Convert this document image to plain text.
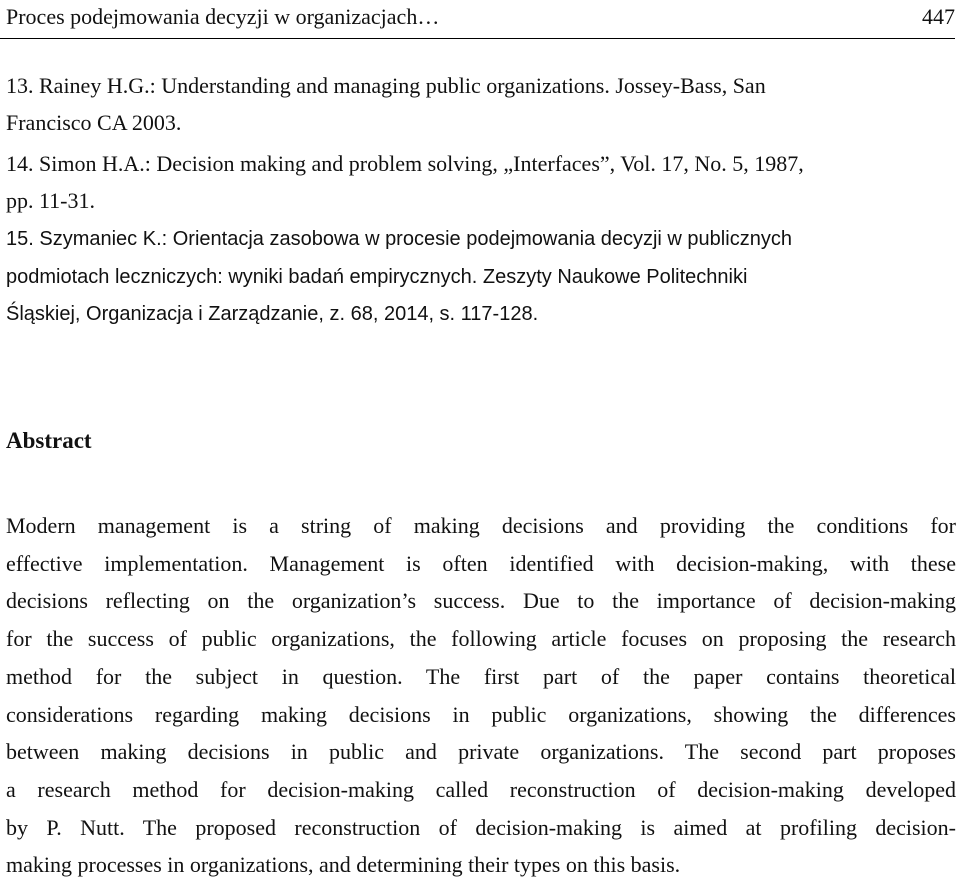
Proces podejmowania decyzji w organizacjach…	447
13. Rainey H.G.: Understanding and managing public organizations. Jossey-Bass, San
Francisco CA 2003.
14. Simon H.A.: Decision making and problem solving, „Interfaces”, Vol. 17, No. 5, 1987,
pp. 11-31.
15. Szymaniec K.: Orientacja zasobowa w procesie podejmowania decyzji w publicznych
podmiotach leczniczych: wyniki badań empirycznych. Zeszyty Naukowe Politechniki
Śląskiej, Organizacja i Zarządzanie, z. 68, 2014, s. 117-128.
Abstract
Modern management is a string of making decisions and providing the conditions for
effective implementation. Management is often identified with decision-making, with these
decisions reflecting on the organization’s success. Due to the importance of decision-making
for the success of public organizations, the following article focuses on proposing the research
method for the subject in question. The first part of the paper contains theoretical
considerations regarding making decisions in public organizations, showing the differences
between making decisions in public and private organizations. The second part proposes
a research method for decision-making called reconstruction of decision-making developed
by P. Nutt. The proposed reconstruction of decision-making is aimed at profiling decision-
making processes in organizations, and determining their types on this basis.
